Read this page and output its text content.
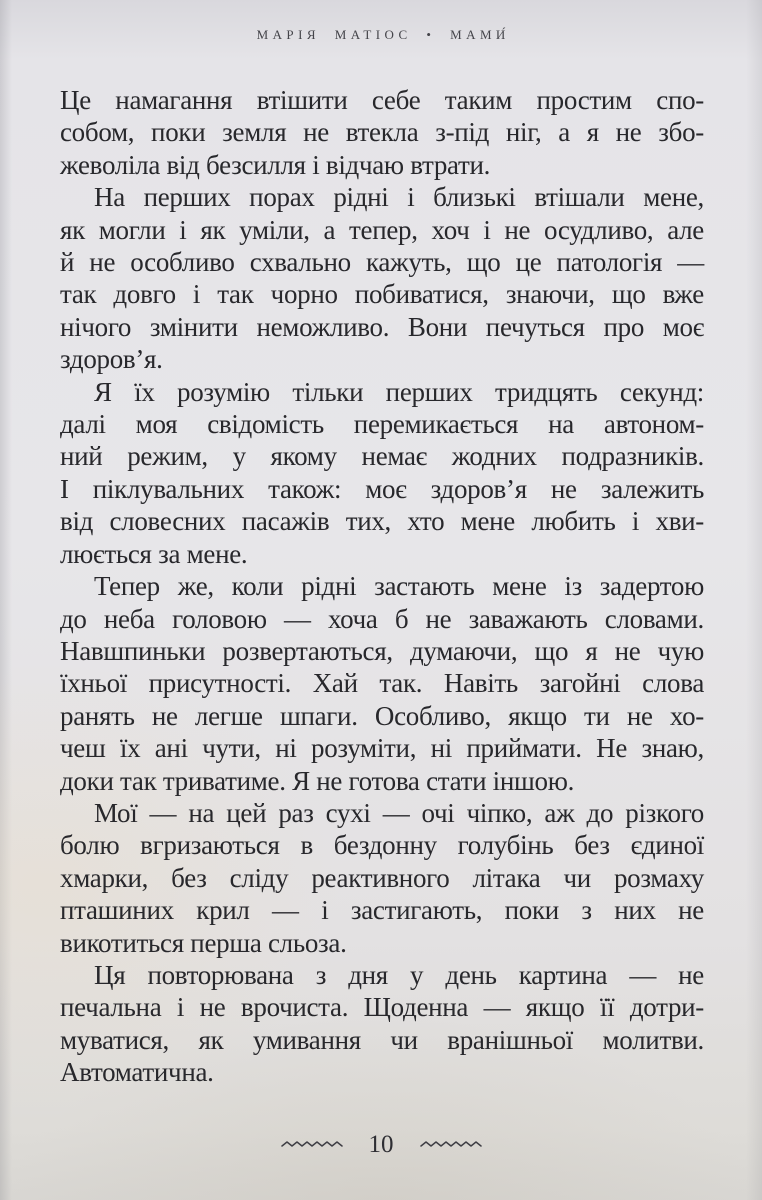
МАРІЯ МАТІОС • МАМИ́
Це намагання втішити себе таким простим спо-
собом, поки земля не втекла з-під ніг, а я не збо-
жеволіла від безсилля і відчаю втрати.
На перших порах рідні і близькі втішали мене,
як могли і як уміли, а тепер, хоч і не осудливо, але
й не особливо схвально кажуть, що це патологія —
так довго і так чорно побиватися, знаючи, що вже
нічого змінити неможливо. Вони печуться про моє
здоров’я.
Я їх розумію тільки перших тридцять секунд:
далі моя свідомість перемикається на автоном-
ний режим, у якому немає жодних подразників.
І піклувальних також: моє здоров’я не залежить
від словесних пасажів тих, хто мене любить і хви-
люється за мене.
Тепер же, коли рідні застають мене із задертою
до неба головою — хоча б не заважають словами.
Навшпиньки розвертаються, думаючи, що я не чую
їхньої присутності. Хай так. Навіть загойні слова
ранять не легше шпаги. Особливо, якщо ти не хо-
чеш їх ані чути, ні розуміти, ні приймати. Не знаю,
доки так триватиме. Я не готова стати іншою.
Мої — на цей раз сухі — очі чіпко, аж до різкого
болю вгризаються в бездонну голубінь без єдиної
хмарки, без сліду реактивного літака чи розмаху
пташиних крил — і застигають, поки з них не
викотиться перша сльоза.
Ця повторювана з дня у день картина — не
печальна і не врочиста. Щоденна — якщо її дотри-
муватися, як умивання чи вранішньої молитви.
Автоматична.
10
